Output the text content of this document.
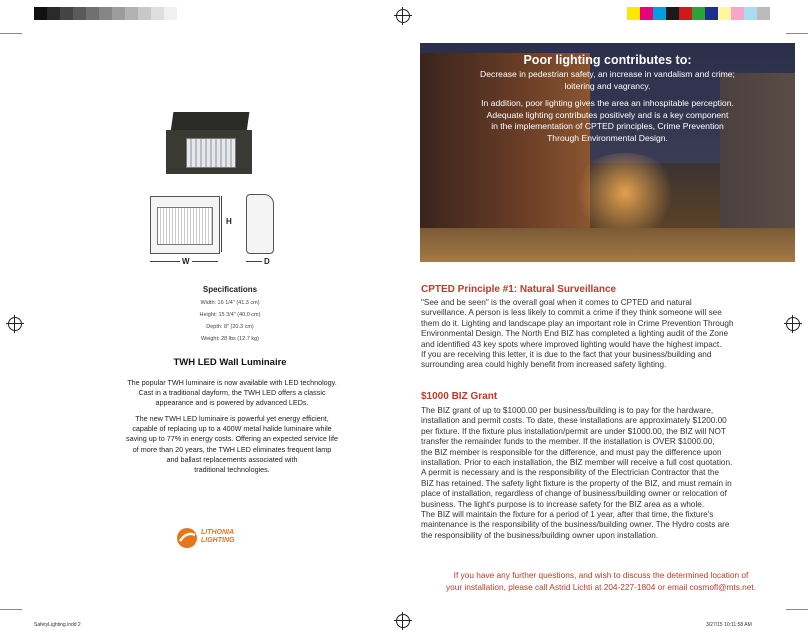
Poor lighting contributes to:

Decrease in pedestrian safety, an increase in vandalism and crime;
loitering and vagrancy.

In addition, poor lighting gives the area an inhospitable perception.
Adequate lighting contributes positively and is a key component
in the implementation of CPTED principles, Crime Prevention
Through Environmental Design.

H
W	D
Specifications
Width: 16 1/4" (41.3 cm)
Height: 15 3/4" (40.0 cm)
Depth: 8" (20.3 cm)
Weight: 28 lbs (12.7 kg)
TWH LED Wall Luminaire
The popular TWH luminaire is now available with LED technology.
Cast in a traditional dayform, the TWH LED offers a classic
appearance and is powered by advanced LEDs.
The new TWH LED luminaire is powerful yet energy efficient,
capable of replacing up to a 400W metal halide luminaire while
saving up to 77% in energy costs. Offering an expected service life
of more than 20 years, the TWH LED eliminates frequent lamp
and ballast replacements associated with
traditional technologies.
LITHONIA
LIGHTING
CPTED Principle #1: Natural Surveillance
"See and be seen" is the overall goal when it comes to CPTED and natural
surveillance. A person is less likely to commit a crime if they think someone will see
them do it. Lighting and landscape play an important role in Crime Prevention Through
Environmental Design. The North End BIZ has completed a lighting audit of the Zone
and identified 43 key spots where improved lighting would have the highest impact.
If you are receiving this letter, it is due to the fact that your business/building and
surrounding area could highly benefit from increased safety lighting.
$1000 BIZ Grant
The BIZ grant of up to $1000.00 per business/building is to pay for the hardware,
installation and permit costs. To date, these installations are approximately $1200.00
per fixture. If the fixture plus installation/permit are under $1000.00, the BIZ will NOT
transfer the remainder funds to the member. If the installation is OVER $1000.00,
the BIZ member is responsible for the difference, and must pay the difference upon
installation. Prior to each installation, the BIZ member will receive a full cost quotation.
A permit is necessary and is the responsibility of the Electrician Contractor that the
BIZ has retained. The safety light fixture is the property of the BIZ, and must remain in
place of installation, regardless of change of business/building owner or relocation of
business. The light's purpose is to increase safety for the BIZ area as a whole.
The BIZ will maintain the fixture for a period of 1 year, after that time, the fixture's
maintenance is the responsibility of the business/building owner. The Hydro costs are
the responsibility of the business/building owner upon installation.
If you have any further questions, and wish to discuss the determined location of
your installation, please call Astrid Lichti at 204-227-1804 or email cosmofl@mts.net.
SafetyLighting.indd 2	3/27/15 10:11:58 AM
